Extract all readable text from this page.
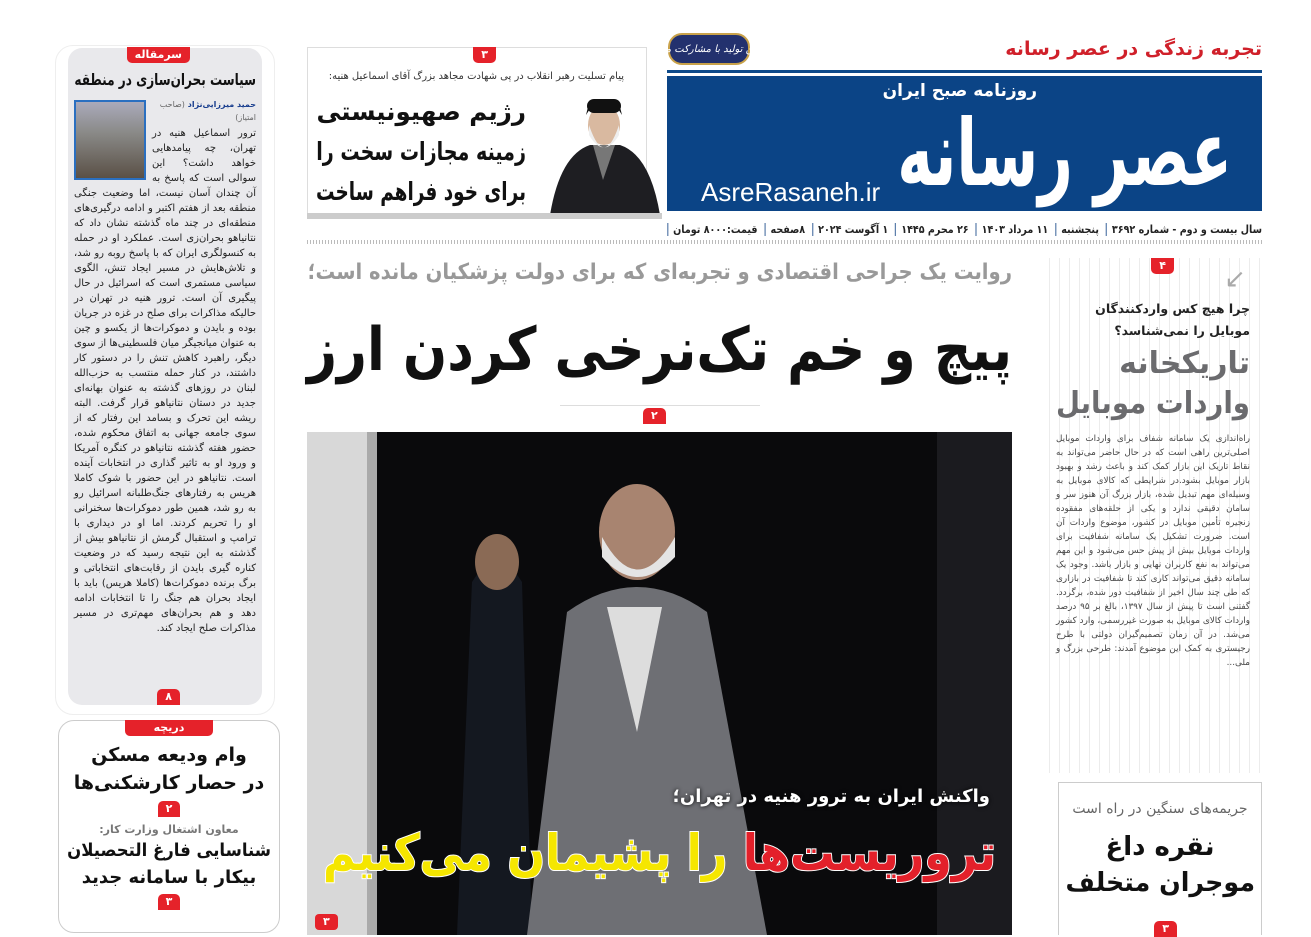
تجربه زندگی در عصر رسانه
جشن تولید با مشارکت مردم
روزنامه صبح ایران
عصر رسانه
AsreRasaneh.ir
سال بیست و دوم - شماره ۳۶۹۲
پنجشنبه
۱۱ مرداد ۱۴۰۳
۲۶ محرم ۱۴۴۵
۱ آگوست ۲۰۲۴
۸صفحه
قیمت:۸۰۰۰ تومان
۳
پیام تسلیت رهبر انقلاب در پی شهادت مجاهد بزرگ آقای اسماعیل هنیه:
رژیم صهیونیستی
زمینه مجازات سخت را
برای خود فراهم ساخت
روایت یک جراحی اقتصادی و تجربه‌ای که برای دولت پزشکیان مانده است؛
پیچ و خم تک‌نرخی کردن ارز
۲
واکنش ایران به ترور هنیه در تهران؛
تروریست‌ها را پشیمان می‌کنیم
۳
سرمقاله
سیاست بحران‌سازی در منطقه
حمید میرزایی‌نژاد (صاحب امتیاز)
ترور اسماعیل هنیه در تهران، چه پیامدهایی خواهد داشت؟ این سوالی است که پاسخ به آن چندان آسان نیست، اما وضعیت جنگی منطقه بعد از هفتم اکتبر و ادامه درگیری‌های منطقه‌ای در چند ماه گذشته نشان داد که نتانیاهو بحران‌زی است. عملکرد او در حمله به کنسولگری ایران که با پاسخ روبه رو شد، و تلاش‌هایش در مسیر ایجاد تنش، الگوی سیاسی مستمری است که اسرائیل در حال پیگیری آن است. ترور هنیه در تهران در حالیکه مذاکرات برای صلح در غزه در جریان بوده و بایدن و دموکرات‌ها از یکسو و چین به عنوان میانجیگر میان فلسطینی‌ها از سوی دیگر، راهبرد کاهش تنش را در دستور کار داشتند، در کنار حمله منتسب به حزب‌الله لبنان در روزهای گذشته به عنوان بهانه‌ای جدید در دستان نتانیاهو قرار گرفت. البته ریشه این تحرک و بسامد این رفتار که از سوی جامعه جهانی به اتفاق محکوم شده، حضور هفته گذشته نتانیاهو در کنگره آمریکا و ورود او به تاثیر گذاری در انتخابات آینده است. نتانیاهو در این حضور با شوک کاملا هریس به رفتارهای جنگ‌طلبانه اسرائیل رو به رو شد، همین طور دموکرات‌ها سخنرانی او را تحریم کردند. اما او در دیداری با ترامپ و استقبال گرمش از نتانیاهو بیش از گذشته به این نتیجه رسید که در وضعیت کناره گیری بایدن از رقابت‌های انتخاباتی و برگ برنده دموکرات‌ها (کاملا هریس) باید با ایجاد بحران هم جنگ را تا انتخابات ادامه دهد و هم بحران‌های مهم‌تری در مسیر مذاکرات صلح ایجاد کند.
۸
دریچه
وام ودیعه مسکن
در حصار کارشکنی‌ها
۲
معاون اشتغال وزارت کار:
شناسایی فارغ التحصیلان
بیکار با سامانه جدید
۳
۴	↙
چرا هیچ کس واردکنندگان موبایل را نمی‌شناسد؟
تاریکخانه
واردات موبایل
راه‌اندازی یک سامانه شفاف برای واردات موبایل اصلی‌ترین راهی است که در حال حاضر می‌تواند به نقاط تاریک این بازار کمک کند و باعث رشد و بهبود بازار موبایل بشود.در شرایطی که کالای موبایل به وسیله‌ای مهم تبدیل شده، بازار بزرگ آن هنوز سر و سامان دقیقی ندارد و یکی از حلقه‌های مفقوده زنجیره تأمین موبایل در کشور، موضوع واردات آن است. ضرورت تشکیل یک سامانه شفافیت برای واردات موبایل بیش از پیش حس می‌شود و این مهم می‌تواند به نفع کاربران نهایی و بازار باشد. وجود یک سامانه دقیق می‌تواند کاری کند تا شفافیت در بازاری که طی چند سال اخیر از شفافیت دور شده، برگردد. گفتنی است تا پیش از سال ۱۳۹۷، بالغ بر ۹۵ درصد واردات کالای موبایل به صورت غیررسمی، وارد کشور می‌شد. در آن زمان تصمیم‌گیران دولتی با طرح رجیستری به کمک این موضوع آمدند: طرحی بزرگ و ملی...
جریمه‌های سنگین در راه است
نقره داغ
موجران متخلف
۳
